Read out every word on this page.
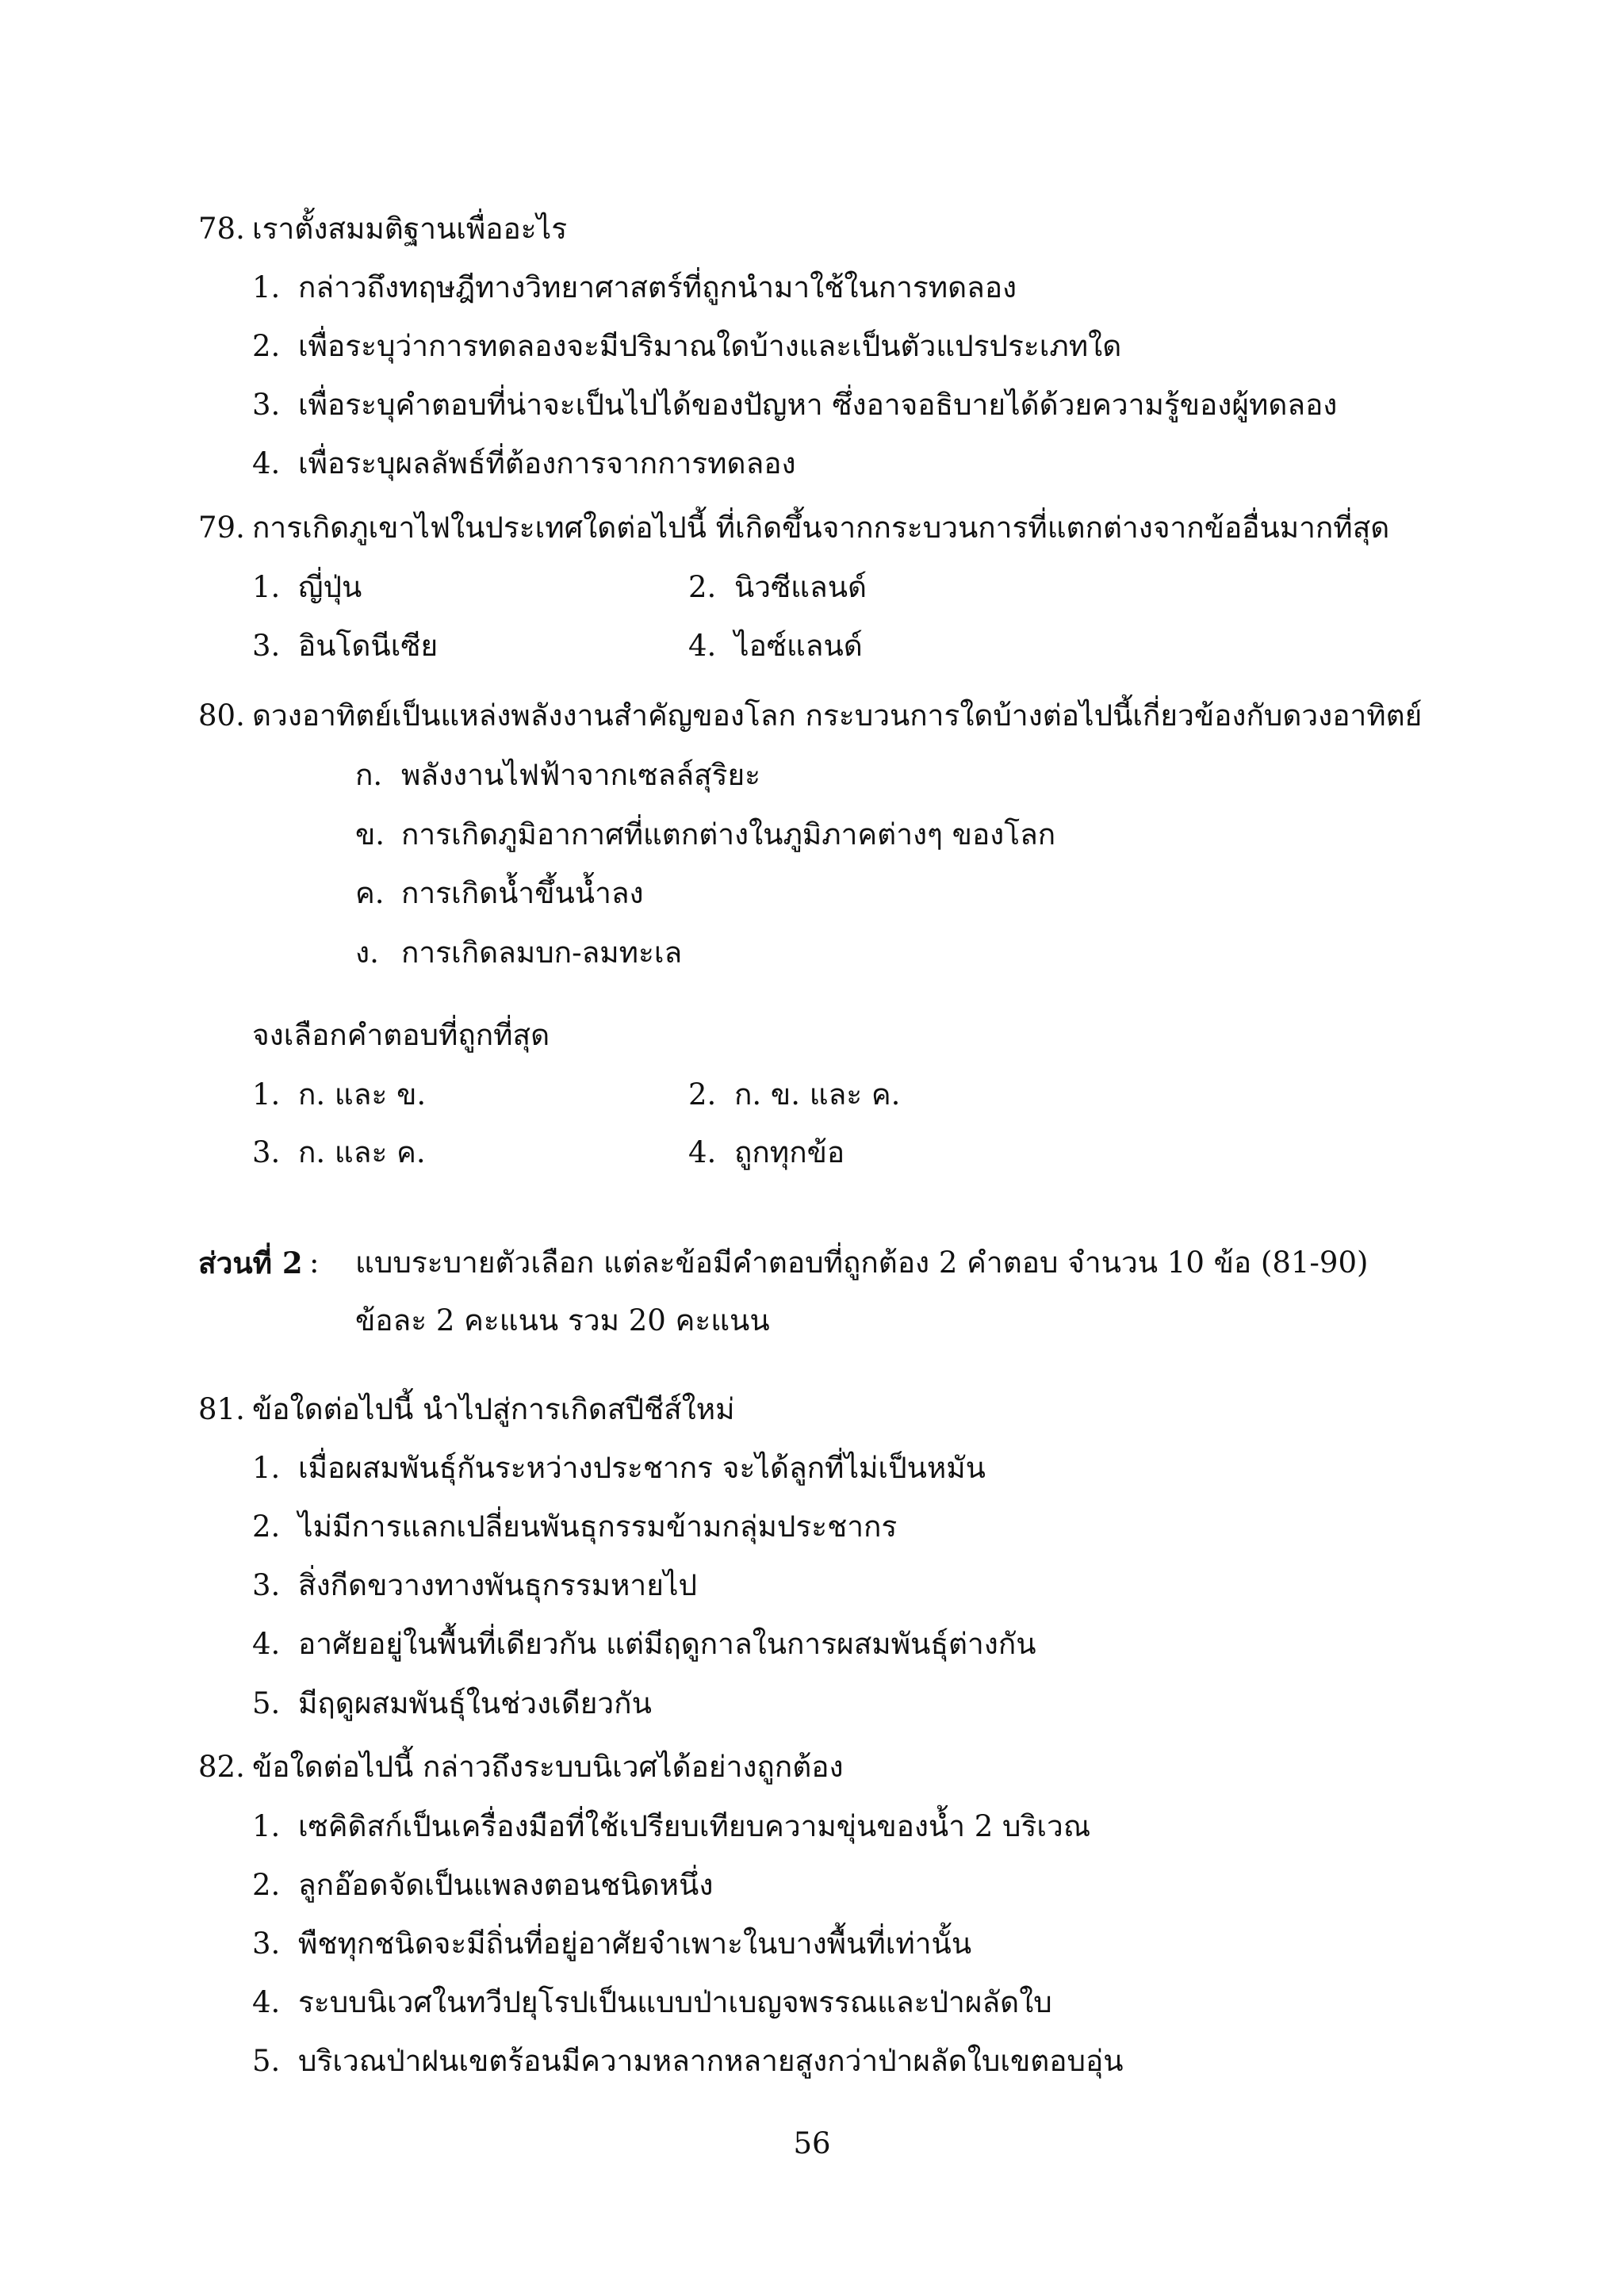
78. เราตั้งสมมติฐานเพื่ออะไร
1. กล่าวถึงทฤษฎีทางวิทยาศาสตร์ที่ถูกนำมาใช้ในการทดลอง
2. เพื่อระบุว่าการทดลองจะมีปริมาณใดบ้างและเป็นตัวแปรประเภทใด
3. เพื่อระบุคำตอบที่น่าจะเป็นไปได้ของปัญหา ซึ่งอาจอธิบายได้ด้วยความรู้ของผู้ทดลอง
4. เพื่อระบุผลลัพธ์ที่ต้องการจากการทดลอง
79. การเกิดภูเขาไฟในประเทศใดต่อไปนี้ ที่เกิดขึ้นจากกระบวนการที่แตกต่างจากข้ออื่นมากที่สุด
1. ญี่ปุ่น	2. นิวซีแลนด์
3. อินโดนีเซีย	4. ไอซ์แลนด์
80. ดวงอาทิตย์เป็นแหล่งพลังงานสำคัญของโลก กระบวนการใดบ้างต่อไปนี้เกี่ยวข้องกับดวงอาทิตย์
ก. พลังงานไฟฟ้าจากเซลล์สุริยะ
ข. การเกิดภูมิอากาศที่แตกต่างในภูมิภาคต่างๆ ของโลก
ค. การเกิดน้ำขึ้นน้ำลง
ง. การเกิดลมบก-ลมทะเล
จงเลือกคำตอบที่ถูกที่สุด
1. ก. และ ข.	2. ก. ข. และ ค.
3. ก. และ ค.	4. ถูกทุกข้อ
ส่วนที่ 2 : แบบระบายตัวเลือก แต่ละข้อมีคำตอบที่ถูกต้อง 2 คำตอบ จำนวน 10 ข้อ (81-90)
ข้อละ 2 คะแนน รวม 20 คะแนน
81. ข้อใดต่อไปนี้ นำไปสู่การเกิดสปีชีส์ใหม่
1. เมื่อผสมพันธุ์กันระหว่างประชากร จะได้ลูกที่ไม่เป็นหมัน
2. ไม่มีการแลกเปลี่ยนพันธุกรรมข้ามกลุ่มประชากร
3. สิ่งกีดขวางทางพันธุกรรมหายไป
4. อาศัยอยู่ในพื้นที่เดียวกัน แต่มีฤดูกาลในการผสมพันธุ์ต่างกัน
5. มีฤดูผสมพันธุ์ในช่วงเดียวกัน
82. ข้อใดต่อไปนี้ กล่าวถึงระบบนิเวศได้อย่างถูกต้อง
1. เซคิดิสก์เป็นเครื่องมือที่ใช้เปรียบเทียบความขุ่นของน้ำ 2 บริเวณ
2. ลูกอ๊อดจัดเป็นแพลงตอนชนิดหนึ่ง
3. พืชทุกชนิดจะมีถิ่นที่อยู่อาศัยจำเพาะในบางพื้นที่เท่านั้น
4. ระบบนิเวศในทวีปยุโรปเป็นแบบป่าเบญจพรรณและป่าผลัดใบ
5. บริเวณป่าฝนเขตร้อนมีความหลากหลายสูงกว่าป่าผลัดใบเขตอบอุ่น
56
